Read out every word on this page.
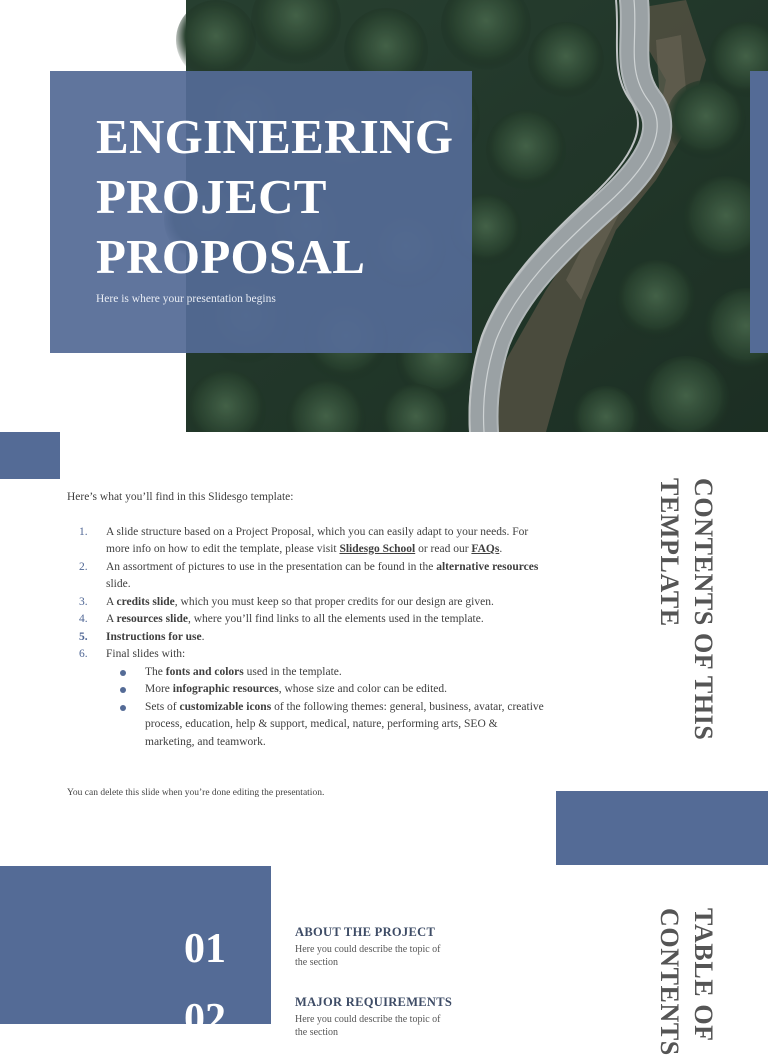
ENGINEERING
PROJECT
PROPOSAL
Here is where your presentation begins

Here’s what you’ll find in this Slidesgo template:

1. A slide structure based on a Project Proposal, which you can easily adapt to your needs. For more info on how to edit the template, please visit Slidesgo School or read our FAQs.
2. An assortment of pictures to use in the presentation can be found in the alternative resources slide.
3. A credits slide, which you must keep so that proper credits for our design are given.
4. A resources slide, where you’ll find links to all the elements used in the template.
5. Instructions for use.
6. Final slides with:
The fonts and colors used in the template.
More infographic resources, whose size and color can be edited.
Sets of customizable icons of the following themes: general, business, avatar, creative process, education, help & support, medical, nature, performing arts, SEO & marketing, and teamwork.
You can delete this slide when you’re done editing the presentation.
CONTENTS OF THIS
TEMPLATE
01
02
ABOUT THE PROJECT
Here you could describe the topic of the section
MAJOR REQUIREMENTS
Here you could describe the topic of the section	TABLE OF
CONTENTS
